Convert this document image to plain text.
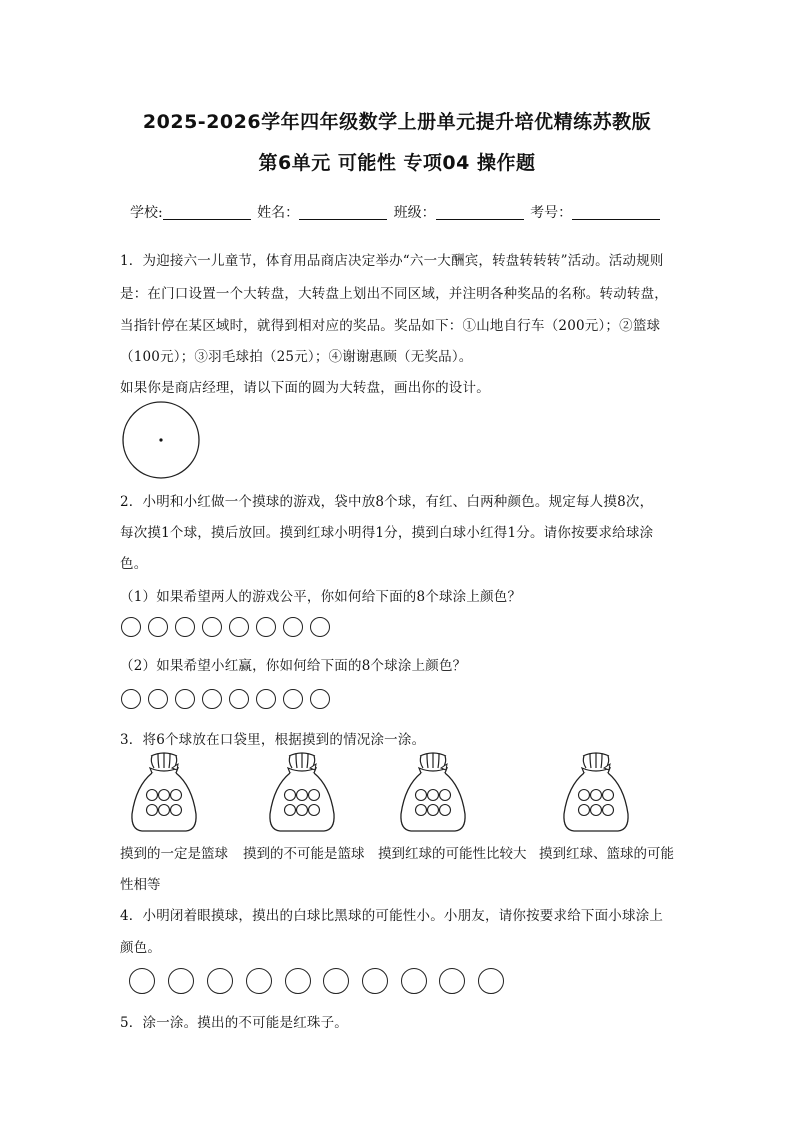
2025-2026学年四年级数学上册单元提升培优精练苏教版
第6单元 可能性 专项04 操作题
学校:	姓名：	班级：	考号：
1．为迎接六一儿童节，体育用品商店决定举办“六一大酬宾，转盘转转转”活动。活动规则
是：在门口设置一个大转盘，大转盘上划出不同区域，并注明各种奖品的名称。转动转盘，
当指针停在某区域时，就得到相对应的奖品。奖品如下：①山地自行车（200元）；②篮球
（100元）；③羽毛球拍（25元）；④谢谢惠顾（无奖品）。
如果你是商店经理，请以下面的圆为大转盘，画出你的设计。
2．小明和小红做一个摸球的游戏，袋中放8个球，有红、白两种颜色。规定每人摸8次，
每次摸1个球，摸后放回。摸到红球小明得1分，摸到白球小红得1分。请你按要求给球涂
色。
（1）如果希望两人的游戏公平，你如何给下面的8个球涂上颜色？
（2）如果希望小红赢，你如何给下面的8个球涂上颜色？
3．将6个球放在口袋里，根据摸到的情况涂一涂。
摸到的一定是篮球 摸到的不可能是篮球 摸到红球的可能性比较大 摸到红球、篮球的可能
性相等
4．小明闭着眼摸球，摸出的白球比黑球的可能性小。小朋友，请你按要求给下面小球涂上
颜色。
5．涂一涂。摸出的不可能是红珠子。
